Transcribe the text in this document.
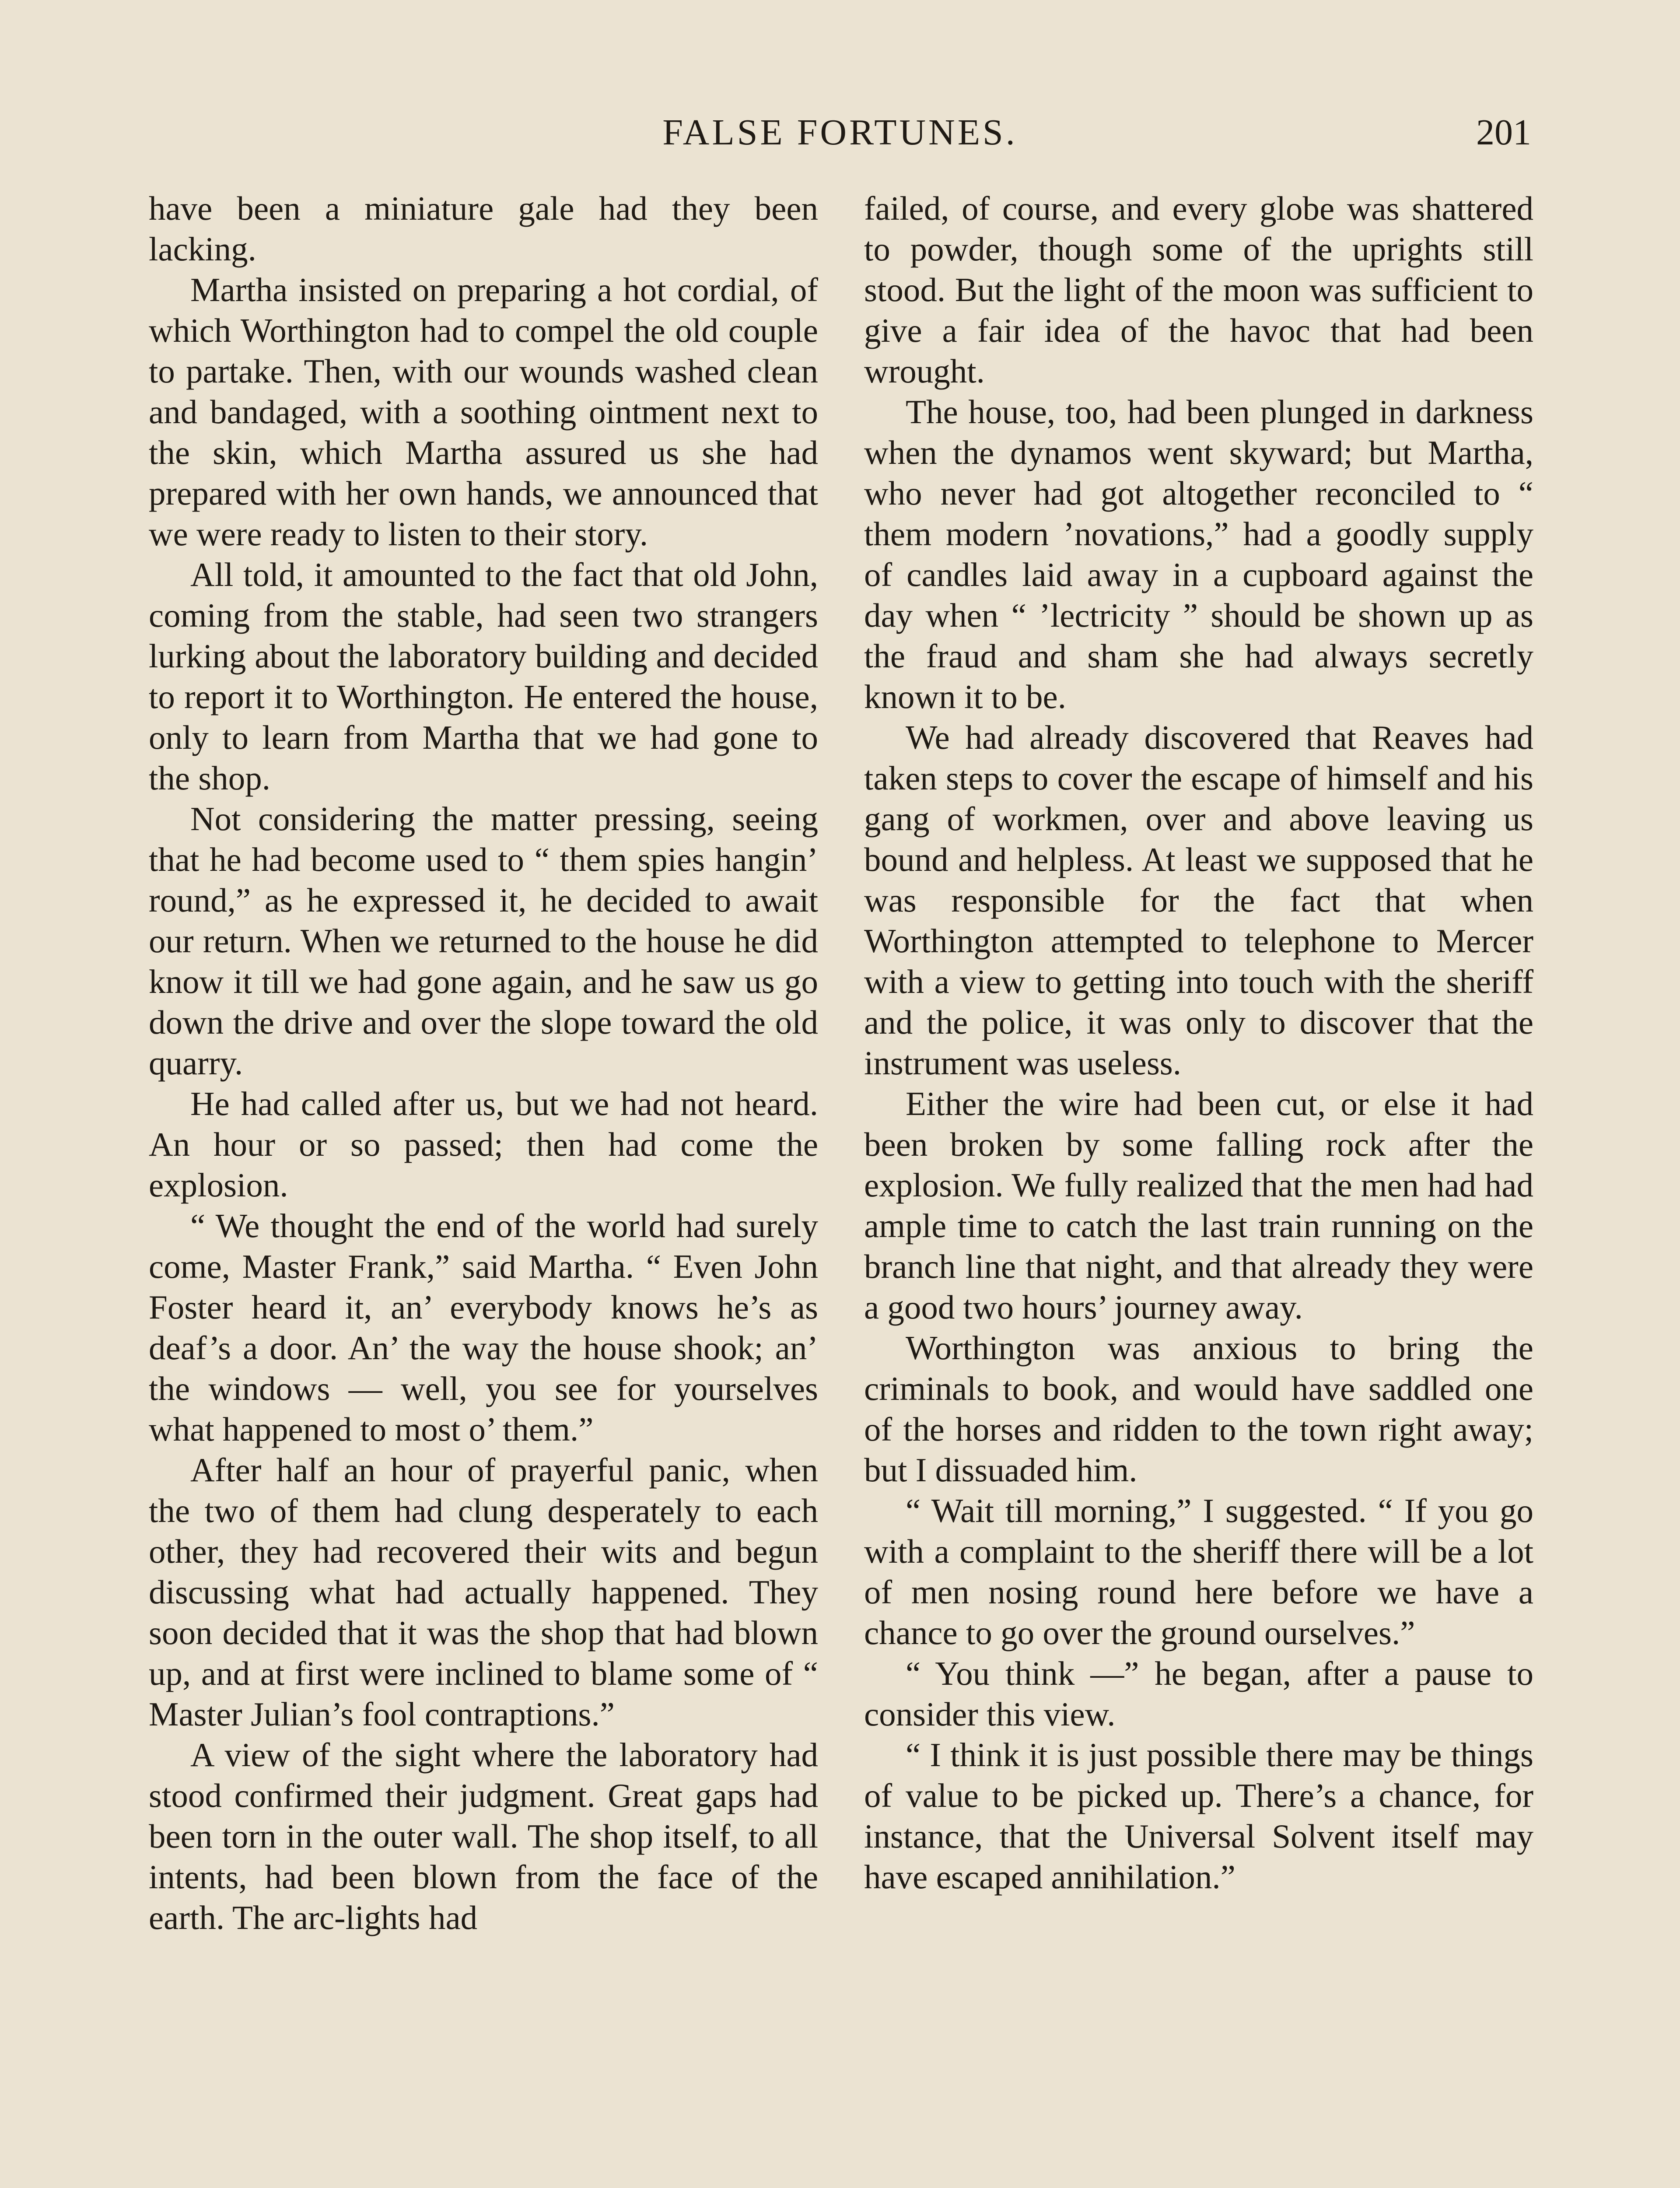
FALSE FORTUNES.	201

have been a miniature gale had they been lacking.

Martha insisted on preparing a hot cordial, of which Worthington had to compel the old couple to partake. Then, with our wounds washed clean and bandaged, with a soothing ointment next to the skin, which Martha assured us she had prepared with her own hands, we announced that we were ready to listen to their story.

All told, it amounted to the fact that old John, coming from the stable, had seen two strangers lurking about the laboratory building and decided to report it to Worthington. He entered the house, only to learn from Martha that we had gone to the shop.

Not considering the matter pressing, seeing that he had become used to “ them spies hangin’ round,” as he expressed it, he decided to await our return. When we returned to the house he did know it till we had gone again, and he saw us go down the drive and over the slope toward the old quarry.

He had called after us, but we had not heard. An hour or so passed; then had come the explosion.

“ We thought the end of the world had surely come, Master Frank,” said Martha. “ Even John Foster heard it, an’ everybody knows he’s as deaf’s a door. An’ the way the house shook; an’ the windows — well, you see for yourselves what happened to most o’ them.”

After half an hour of prayerful panic, when the two of them had clung desperately to each other, they had recovered their wits and begun discussing what had actually happened. They soon decided that it was the shop that had blown up, and at first were inclined to blame some of “ Master Julian’s fool contraptions.”

A view of the sight where the laboratory had stood confirmed their judgment. Great gaps had been torn in the outer wall. The shop itself, to all intents, had been blown from the face of the earth. The arc-lights had

failed, of course, and every globe was shattered to powder, though some of the uprights still stood. But the light of the moon was sufficient to give a fair idea of the havoc that had been wrought.

The house, too, had been plunged in darkness when the dynamos went skyward; but Martha, who never had got altogether reconciled to “ them modern ’novations,” had a goodly supply of candles laid away in a cupboard against the day when “ ’lectricity ” should be shown up as the fraud and sham she had always secretly known it to be.

We had already discovered that Reaves had taken steps to cover the escape of himself and his gang of workmen, over and above leaving us bound and helpless. At least we supposed that he was responsible for the fact that when Worthington attempted to telephone to Mercer with a view to getting into touch with the sheriff and the police, it was only to discover that the instrument was useless.

Either the wire had been cut, or else it had been broken by some falling rock after the explosion. We fully realized that the men had had ample time to catch the last train running on the branch line that night, and that already they were a good two hours’ journey away.

Worthington was anxious to bring the criminals to book, and would have saddled one of the horses and ridden to the town right away; but I dissuaded him.

“ Wait till morning,” I suggested. “ If you go with a complaint to the sheriff there will be a lot of men nosing round here before we have a chance to go over the ground ourselves.”

“ You think —” he began, after a pause to consider this view.

“ I think it is just possible there may be things of value to be picked up. There’s a chance, for instance, that the Universal Solvent itself may have escaped annihilation.”
